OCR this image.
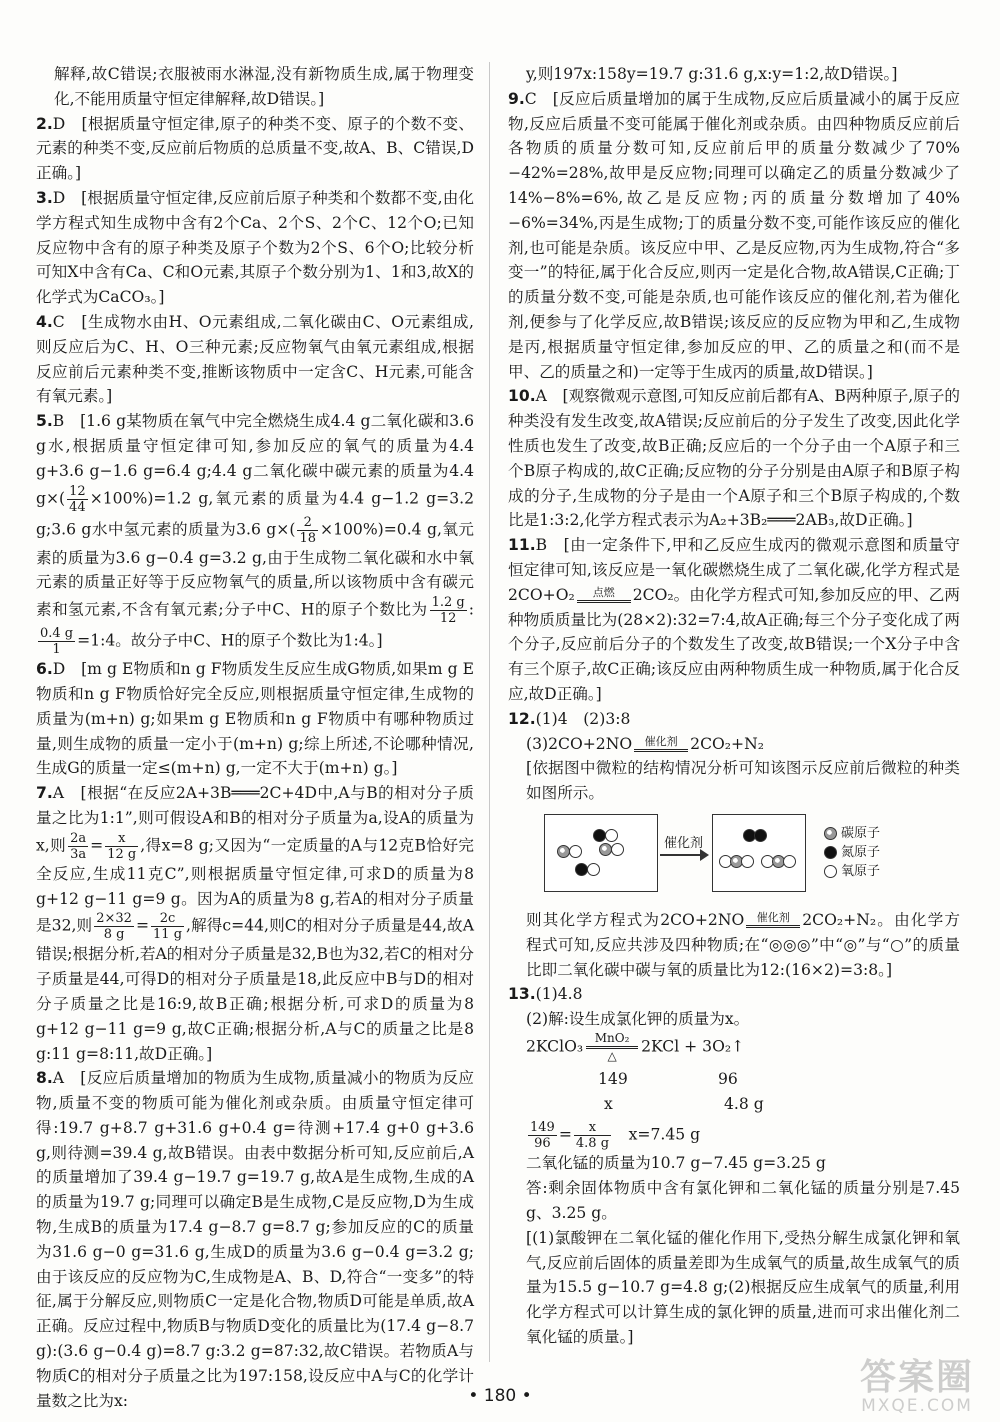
解释,故C错误;衣服被雨水淋湿,没有新物质生成,属于物理变化,不能用质量守恒定律解释,故D错误。]

2.D　[根据质量守恒定律,原子的种类不变、原子的个数不变、元素的种类不变,反应前后物质的总质量不变,故A、B、C错误,D正确。]

3.D　[根据质量守恒定律,反应前后原子种类和个数都不变,由化学方程式知生成物中含有2个Ca、2个S、2个C、12个O;已知反应物中含有的原子种类及原子个数为2个S、6个O;比较分析可知X中含有Ca、C和O元素,其原子个数分别为1、1和3,故X的化学式为CaCO₃。]

4.C　[生成物水由H、O元素组成,二氧化碳由C、O元素组成,则反应后为C、H、O三种元素;反应物氧气由氧元素组成,根据反应前后元素种类不变,推断该物质中一定含C、H元素,可能含有氧元素。]

5.B　[1.6 g某物质在氧气中完全燃烧生成4.4 g二氧化碳和3.6 g水,根据质量守恒定律可知,参加反应的氧气的质量为4.4 g+3.6 g−1.6 g=6.4 g;4.4 g二氧化碳中碳元素的质量为4.4 $g\times( \frac{12}{44} \times 100\%)=1.2$ g,氧元素的质量为4.4 g−1.2 g=3.2 g;3.6 g水中氢元素的质量为3.6 $g\times( \frac{2}{18} \times 100\%)=0.4$ g,氧元素的质量为3.6 g−0.4 g=3.2 g,由于生成物二氧化碳和水中氧元素的质量正好等于反应物氧气的质量,所以该物质中含有碳元素和氢元素,不含有氧元素;分子中C、H的原子个数比为 $\frac{1.2 g}{12}$ :
$\frac{0.4 g}{1}$ =1:4。故分子中C、H的原子个数比为1:4。]

6.D　[m g E物质和n g F物质发生反应生成G物质,如果m g E物质和n g F物质恰好完全反应,则根据质量守恒定律,生成物的质量为(m+n) g;如果m g E物质和n g F物质中有哪种物质过量,则生成物的质量一定小于(m+n) g;综上所述,不论哪种情况,生成G的质量一定≤(m+n) g,一定不大于(m+n) g。]

7.A　[根据“在反应2A+3B═══2C+4D中,A与B的相对分子质量之比为1:1”,则可假设A和B的相对分子质量为a,设A的质量为x,则 $\frac{2a}{3a} = \frac{x}{12 g}$ ,得x=8 g;又因为“一定质量的A与12克B恰好完全反应,生成11克C”,则根据质量守恒定律,可求D的质量为8 g+12 g−11 g=9 g。因为A的质量为8 g,若A的相对分子质量是32,则 $\frac{2\times 32}{8 g} = \frac{2c}{11 g}$ ,解得c=44,则C的相对分子质量是44,故A错误;根据分析,若A的相对分子质量是32,B也为32,若C的相对分子质量是44,可得D的相对分子质量是18,此反应中B与D的相对分子质量之比是16:9,故B正确;根据分析,可求D的质量为8 g+12 g−11 g=9 g,故C正确;根据分析,A与C的质量之比是8 g:11 g=8:11,故D正确。]

8.A　[反应后质量增加的物质为生成物,质量减小的物质为反应物,质量不变的物质可能为催化剂或杂质。由质量守恒定律可得:19.7 g+8.7 g+31.6 g+0.4 g=待测+17.4 g+0 g+3.6 g,则待测=39.4 g,故B错误。由表中数据分析可知,反应前后,A的质量增加了39.4 g−19.7 g=19.7 g,故A是生成物,生成的A的质量为19.7 g;同理可以确定B是生成物,C是反应物,D为生成物,生成B的质量为17.4 g−8.7 g=8.7 g;参加反应的C的质量为31.6 g−0 g=31.6 g,生成D的质量为3.6 g−0.4 g=3.2 g;由于该反应的反应物为C,生成物是A、B、D,符合“一变多”的特征,属于分解反应,则物质C一定是化合物,物质D可能是单质,故A正确。反应过程中,物质B与物质D变化的质量比为(17.4 g−8.7 g):(3.6 g−0.4 g)=8.7 g:3.2 g=87:32,故C错误。若物质A与物质C的相对分子质量之比为197:158,设反应中A与C的化学计量数之比为x:

y,则197x:158y=19.7 g:31.6 g,x:y=1:2,故D错误。]

9.C　[反应后质量增加的属于生成物,反应后质量减小的属于反应物,反应后质量不变可能属于催化剂或杂质。由四种物质反应前后各物质的质量分数可知,反应前后甲的质量分数减少了70%−42%=28%,故甲是反应物;同理可以确定乙的质量分数减少了14%−8%=6%,故乙是反应物;丙的质量分数增加了40%−6%=34%,丙是生成物;丁的质量分数不变,可能作该反应的催化剂,也可能是杂质。该反应中甲、乙是反应物,丙为生成物,符合“多变一”的特征,属于化合反应,则丙一定是化合物,故A错误,C正确;丁的质量分数不变,可能是杂质,也可能作该反应的催化剂,若为催化剂,便参与了化学反应,故B错误;该反应的反应物为甲和乙,生成物是丙,根据质量守恒定律,参加反应的甲、乙的质量之和(而不是甲、乙的质量之和)一定等于生成丙的质量,故D错误。]

10.A　[观察微观示意图,可知反应前后都有A、B两种原子,原子的种类没有发生改变,故A错误;反应前后的分子发生了改变,因此化学性质也发生了改变,故B正确;反应后的一个分子由一个A原子和三个B原子构成的,故C正确;反应物的分子分别是由A原子和B原子构成的分子,生成物的分子是由一个A原子和三个B原子构成的,个数比是1:3:2,化学方程式表示为A₂+3B₂═══2AB₃,故D正确。]

11.B　[由一定条件下,甲和乙反应生成丙的微观示意图和质量守恒定律可知,该反应是一氧化碳燃烧生成了二氧化碳,化学方程式是2CO+O₂ 点燃 2CO₂。由化学方程式可知,参加反应的甲、乙两种物质质量比为(28×2):32=7:4,故A正确;每三个分子变化成了两个分子,反应前后分子的个数发生了改变,故B错误;一个X分子中含有三个原子,故C正确;该反应由两种物质生成一种物质,属于化合反应,故D正确。]

12.(1)4　(2)3:8
(3)2CO+2NO 催化剂 2CO₂+N₂
[依据图中微粒的结构情况分析可知该图示反应前后微粒的种类如图所示。
催化剂
碳原子
氮原子
氧原子
则其化学方程式为2CO+2NO 催化剂 2CO₂+N₂。由化学方程式可知,反应共涉及四种物质;在“◎◎◎”中“◎”与“○”的质量比即二氧化碳中碳与氧的质量比为12:(16×2)=3:8。]
13.(1)4.8
(2)解:设生成氯化钾的质量为x。
2KClO₃ MnO₂
△
2KCl + 3O₂↑
149	96
x	4.8 g
$\frac{149}{96} = \frac{x}{4.8 g}$ 　x=7.45 g
二氧化锰的质量为10.7 g−7.45 g=3.25 g
答:剩余固体物质中含有氯化钾和二氧化锰的质量分别是7.45 g、3.25 g。
[(1)氯酸钾在二氧化锰的催化作用下,受热分解生成氯化钾和氧气,反应前后固体的质量差即为生成氧气的质量,故生成氧气的质量为15.5 g−10.7 g=4.8 g;(2)根据反应生成氧气的质量,利用化学方程式可以计算生成的氯化钾的质量,进而可求出催化剂二氧化锰的质量。]
• 180 •	答案圈
MXQE.COM
